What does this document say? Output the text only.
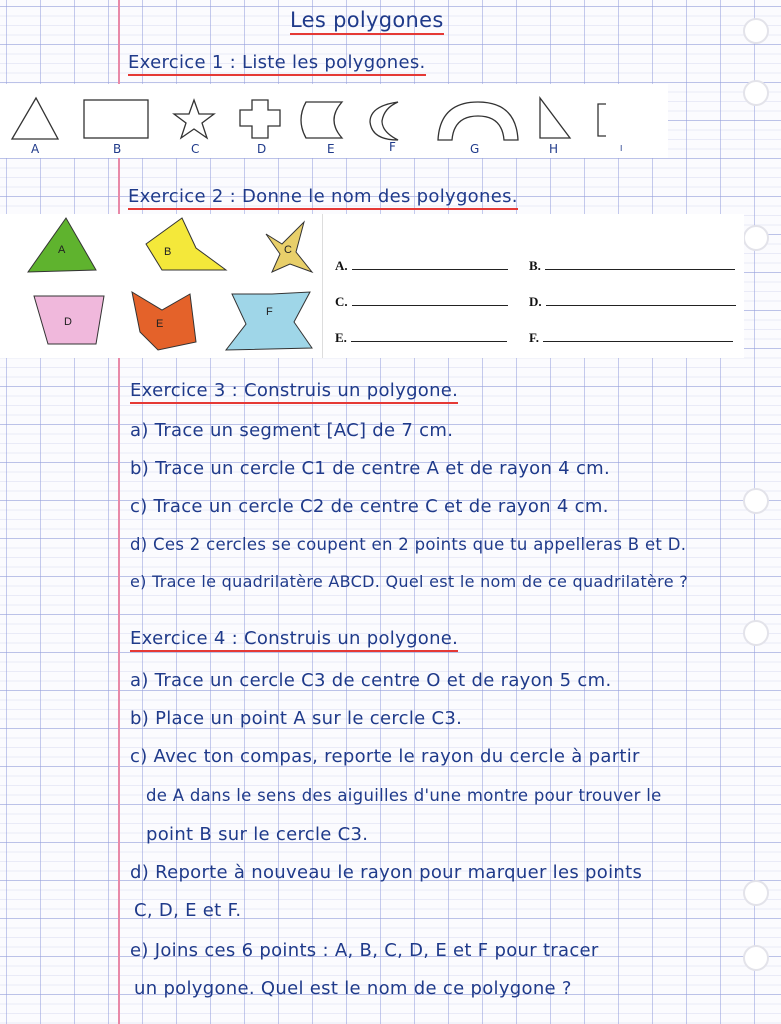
Les polygones
Exercice 1 : Liste les polygones.
A	B	C	D	E	F	G	H	I
Exercice 2 : Donne le nom des polygones.
A	B	C
D	E
F
A.	B.
C.	D.
E.	F.
Exercice 3 : Construis un polygone.
a) Trace un segment [AC] de 7 cm.
b) Trace un cercle C1 de centre A et de rayon 4 cm.
c) Trace un cercle C2 de centre C et de rayon 4 cm.
d) Ces 2 cercles se coupent en 2 points que tu appelleras B et D.
e) Trace le quadrilatère ABCD. Quel est le nom de ce quadrilatère ?
Exercice 4 : Construis un polygone.
a) Trace un cercle C3 de centre O et de rayon 5 cm.
b) Place un point A sur le cercle C3.
c) Avec ton compas, reporte le rayon du cercle à partir
de A dans le sens des aiguilles d'une montre pour trouver le
point B sur le cercle C3.
d) Reporte à nouveau le rayon pour marquer les points
C, D, E et F.
e) Joins ces 6 points : A, B, C, D, E et F pour tracer
un polygone. Quel est le nom de ce polygone ?
